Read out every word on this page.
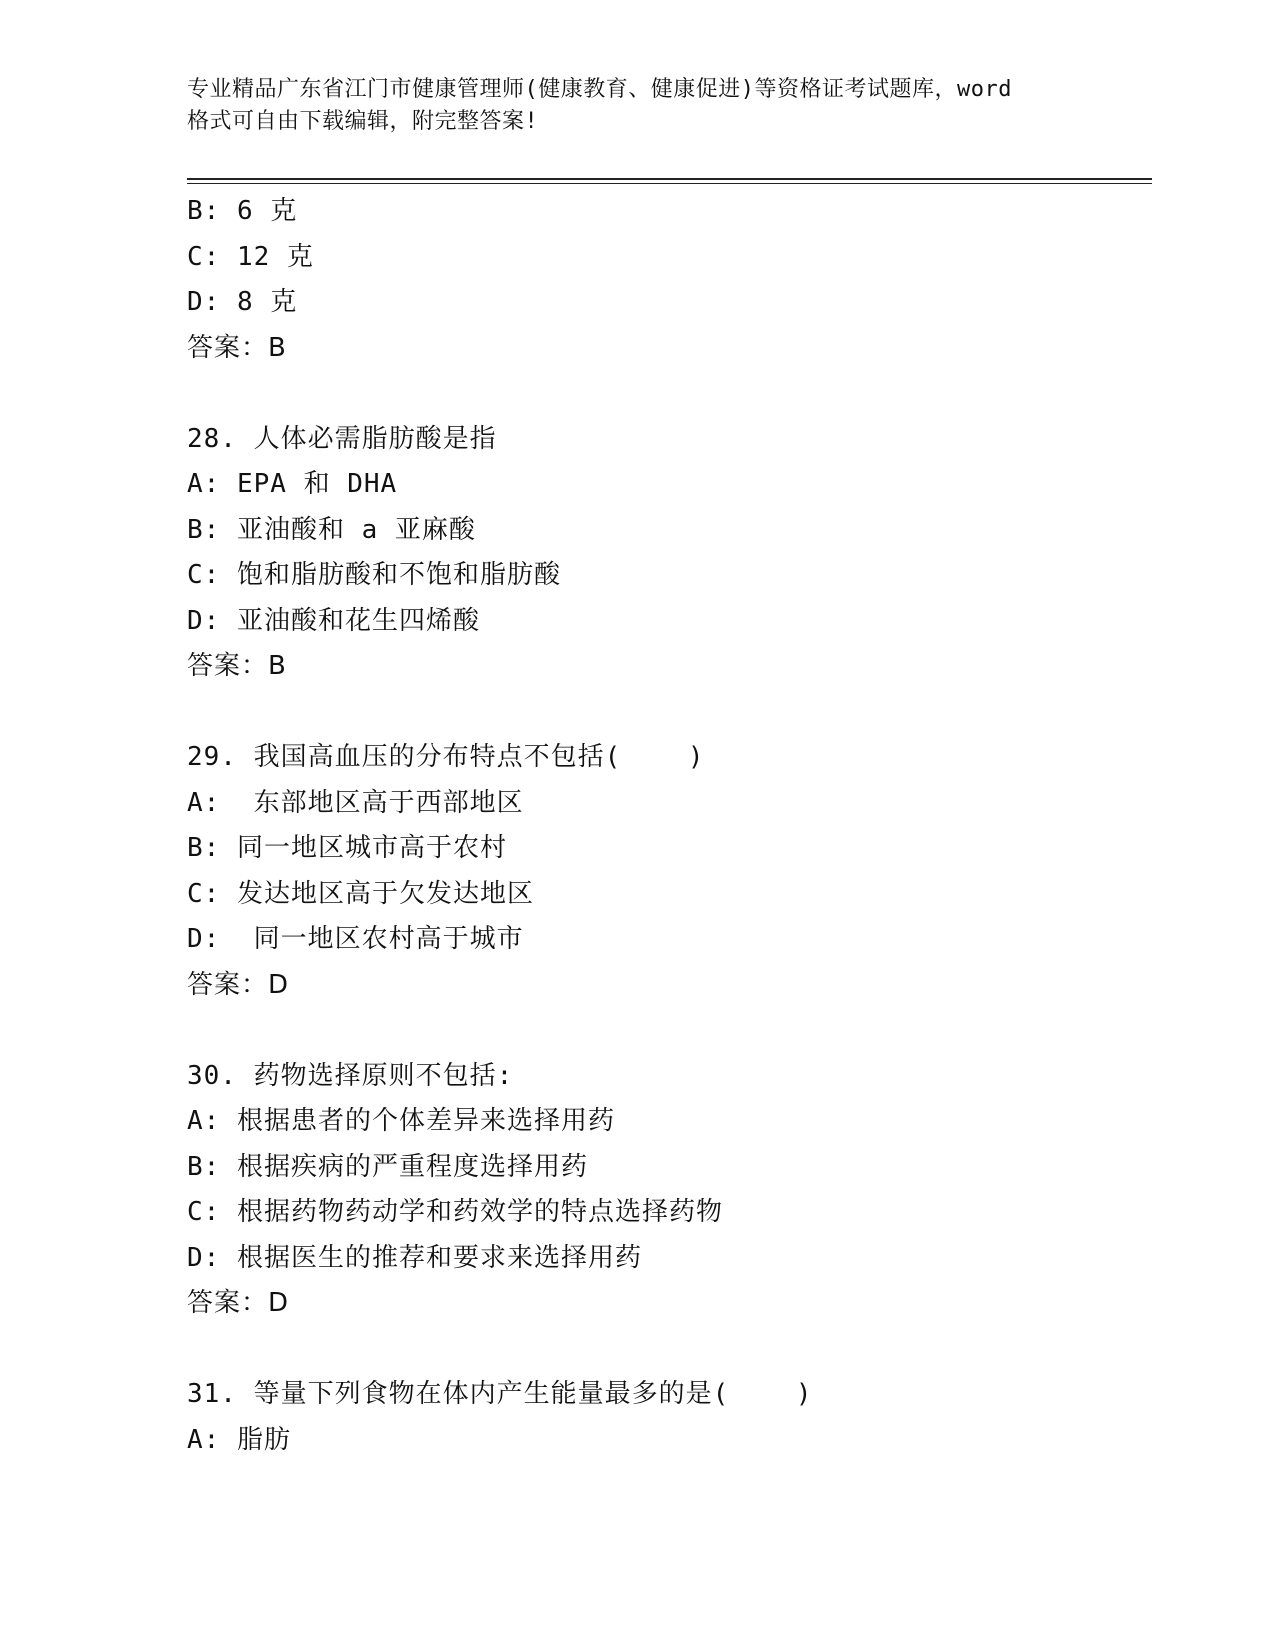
专业精品广东省江门市健康管理师(健康教育、健康促进)等资格证考试题库，word
格式可自由下载编辑，附完整答案!
B: 6 克
C: 12 克
D: 8 克
答案：B
28. 人体必需脂肪酸是指
A: EPA 和 DHA
B: 亚油酸和 a 亚麻酸
C: 饱和脂肪酸和不饱和脂肪酸
D: 亚油酸和花生四烯酸
答案：B
29. 我国高血压的分布特点不包括(    )
A:  东部地区高于西部地区
B: 同一地区城市高于农村
C: 发达地区高于欠发达地区
D:  同一地区农村高于城市
答案：D
30. 药物选择原则不包括:
A: 根据患者的个体差异来选择用药
B: 根据疾病的严重程度选择用药
C: 根据药物药动学和药效学的特点选择药物
D: 根据医生的推荐和要求来选择用药
答案：D
31. 等量下列食物在体内产生能量最多的是(    )
A: 脂肪
